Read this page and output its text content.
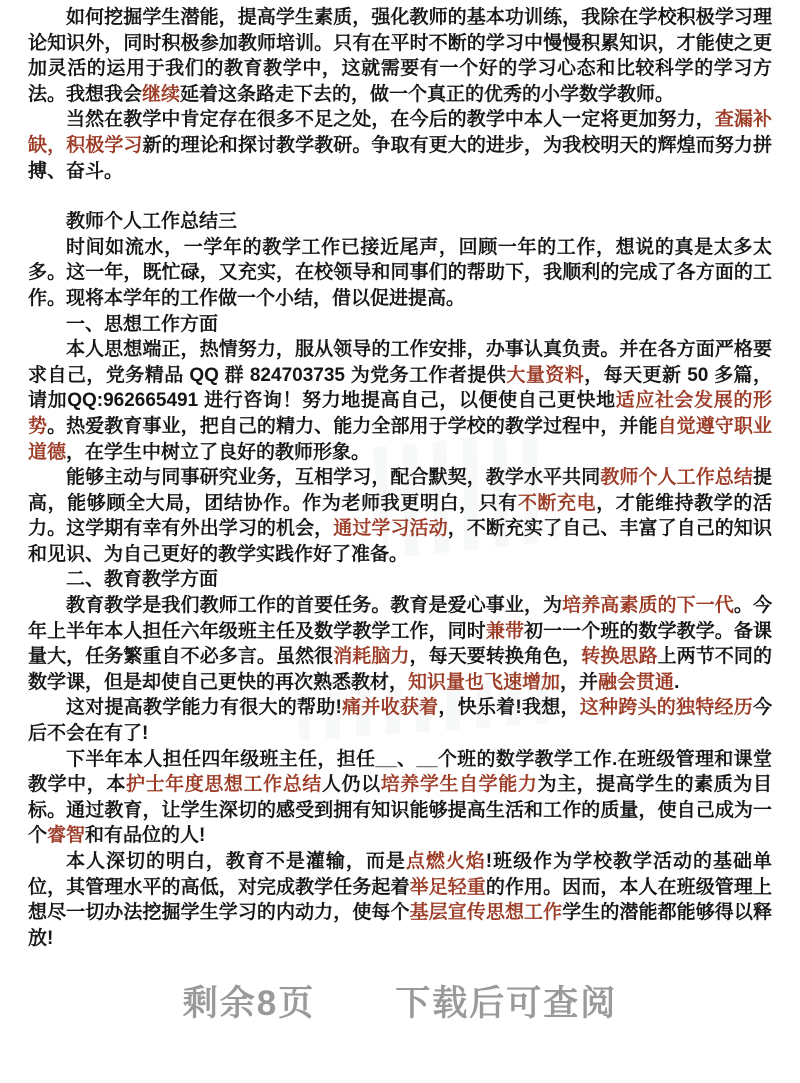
如何挖掘学生潜能，提高学生素质，强化教师的基本功训练，我除在学校积极学习理论知识外，同时积极参加教师培训。只有在平时不断的学习中慢慢积累知识，才能使之更加灵活的运用于我们的教育教学中，这就需要有一个好的学习心态和比较科学的学习方法。我想我会继续延着这条路走下去的，做一个真正的优秀的小学数学教师。

当然在教学中肯定存在很多不足之处，在今后的教学中本人一定将更加努力，查漏补缺，积极学习新的理论和探讨教学教研。争取有更大的进步，为我校明天的辉煌而努力拼搏、奋斗。

教师个人工作总结三

时间如流水，一学年的教学工作已接近尾声，回顾一年的工作，想说的真是太多太多。这一年，既忙碌，又充实，在校领导和同事们的帮助下，我顺利的完成了各方面的工作。现将本学年的工作做一个小结，借以促进提高。

一、思想工作方面

本人思想端正，热情努力，服从领导的工作安排，办事认真负责。并在各方面严格要求自己，党务精品 QQ 群 824703735 为党务工作者提供大量资料，每天更新 50 多篇，请加QQ:962665491 进行咨询！努力地提高自己，以便使自己更快地适应社会发展的形势。热爱教育事业，把自己的精力、能力全部用于学校的教学过程中，并能自觉遵守职业道德，在学生中树立了良好的教师形象。

能够主动与同事研究业务，互相学习，配合默契，教学水平共同教师个人工作总结提高，能够顾全大局，团结协作。作为老师我更明白，只有不断充电，才能维持教学的活力。这学期有幸有外出学习的机会，通过学习活动，不断充实了自己、丰富了自己的知识和见识、为自己更好的教学实践作好了准备。

二、教育教学方面

教育教学是我们教师工作的首要任务。教育是爱心事业，为培养高素质的下一代。今年上半年本人担任六年级班主任及数学教学工作，同时兼带初一一个班的数学教学。备课量大，任务繁重自不必多言。虽然很消耗脑力，每天要转换角色，转换思路上两节不同的数学课，但是却使自己更快的再次熟悉教材，知识量也飞速增加，并融会贯通.

这对提高教学能力有很大的帮助!痛并收获着，快乐着!我想，这种跨头的独特经历今后不会在有了!

下半年本人担任四年级班主任，担任__、__个班的数学教学工作.在班级管理和课堂教学中，本护士年度思想工作总结人仍以培养学生自学能力为主，提高学生的素质为目标。通过教育，让学生深切的感受到拥有知识能够提高生活和工作的质量，使自己成为一个睿智和有品位的人!

本人深切的明白，教育不是灌输，而是点燃火焰!班级作为学校教学活动的基础单位，其管理水平的高低，对完成教学任务起着举足轻重的作用。因而，本人在班级管理上想尽一切办法挖掘学生学习的内动力，使每个基层宣传思想工作学生的潜能都能够得以释放!

剩余8页 下载后可查阅
